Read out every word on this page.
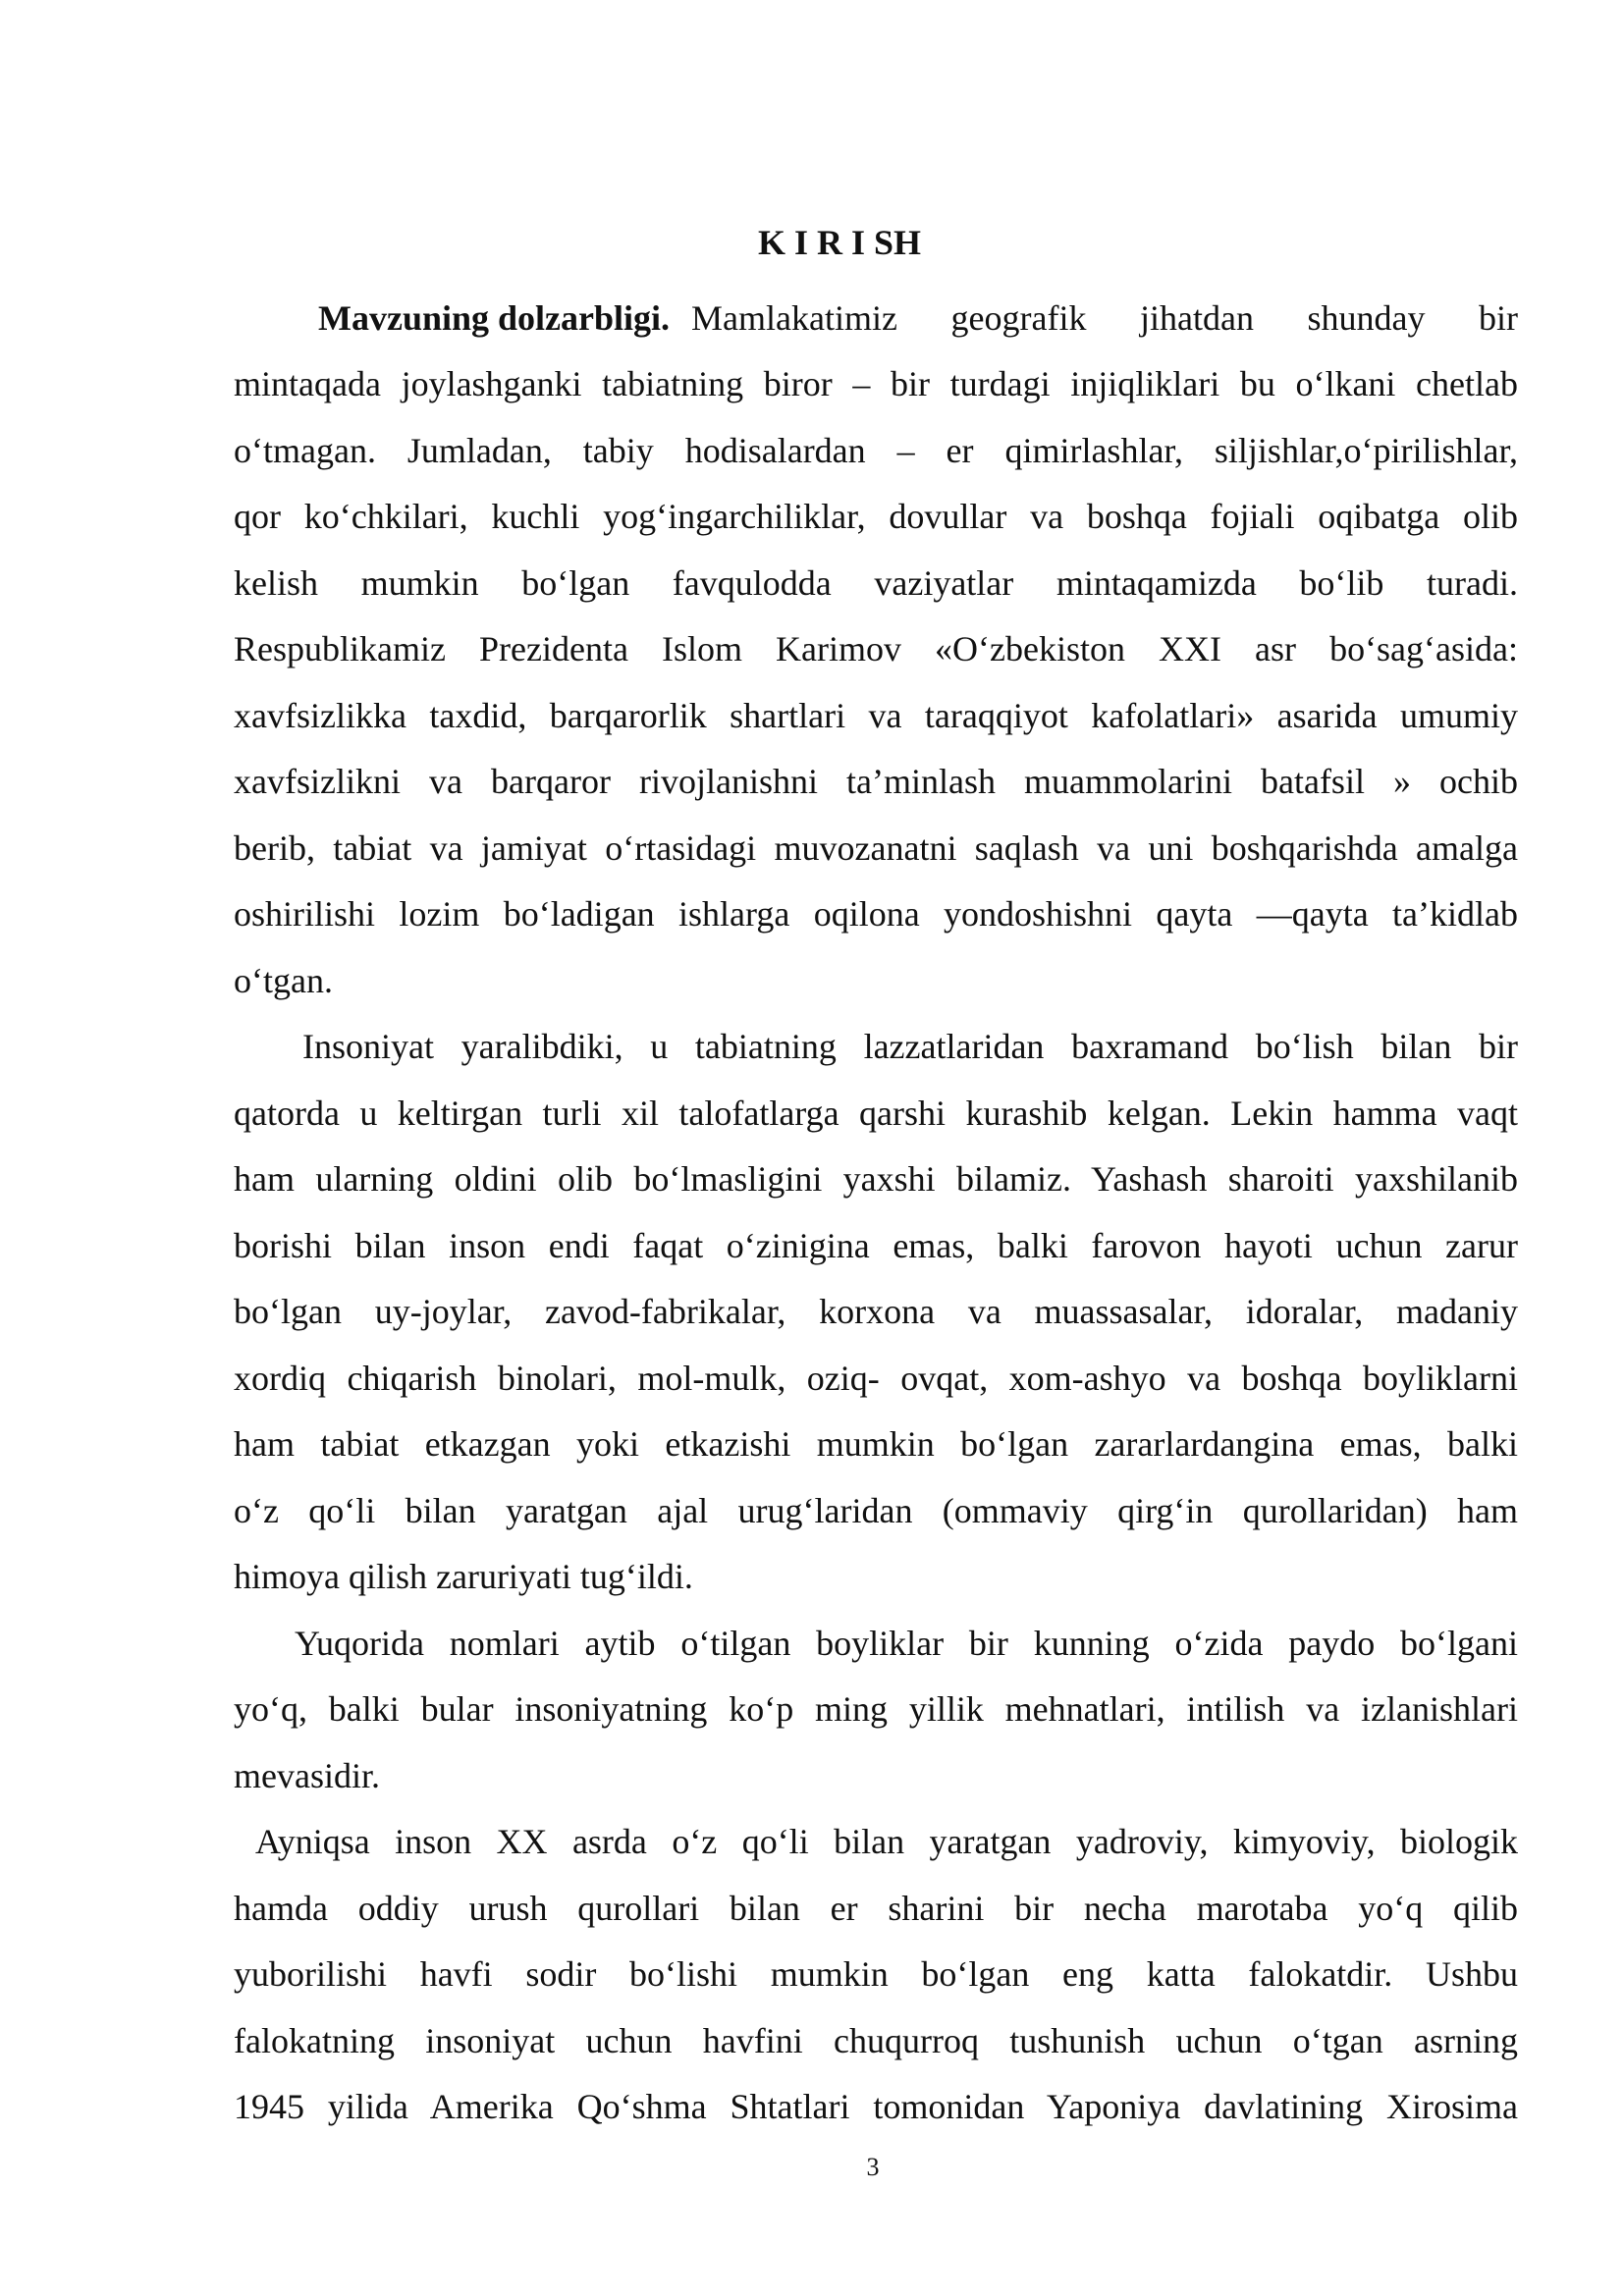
K I R I SH
Mavzuning dolzarbligi. Mamlakatimiz geografik jihatdan shunday bir
mintaqada joylashganki tabiatning biror – bir turdagi injiqliklari bu o‘lkani chetlab
o‘tmagan. Jumladan, tabiy hodisalardan – er qimirlashlar, siljishlar,o‘pirilishlar,
qor ko‘chkilari, kuchli yog‘ingarchiliklar, dovullar va boshqa fojiali oqibatga olib
kelish mumkin bo‘lgan favqulodda vaziyatlar mintaqamizda bo‘lib turadi.
Respublikamiz Prezidenta Islom Karimov «O‘zbekiston XXI asr bo‘sag‘asida:
xavfsizlikka taxdid, barqarorlik shartlari va taraqqiyot kafolatlari» asarida umumiy
xavfsizlikni va barqaror rivojlanishni ta’minlash muammolarini batafsil » ochib
berib, tabiat va jamiyat o‘rtasidagi muvozanatni saqlash va uni boshqarishda amalga
oshirilishi lozim bo‘ladigan ishlarga oqilona yondoshishni qayta —qayta ta’kidlab
o‘tgan.
Insoniyat yaralibdiki, u tabiatning lazzatlaridan baxramand bo‘lish bilan bir
qatorda u keltirgan turli xil talofatlarga qarshi kurashib kelgan. Lekin hamma vaqt
ham ularning oldini olib bo‘lmasligini yaxshi bilamiz. Yashash sharoiti yaxshilanib
borishi bilan inson endi faqat o‘zinigina emas, balki farovon hayoti uchun zarur
bo‘lgan uy-joylar, zavod-fabrikalar, korxona va muassasalar, idoralar, madaniy
xordiq chiqarish binolari, mol-mulk, oziq- ovqat, xom-ashyo va boshqa boyliklarni
ham tabiat etkazgan yoki etkazishi mumkin bo‘lgan zararlardangina emas, balki
o‘z qo‘li bilan yaratgan ajal urug‘laridan (ommaviy qirg‘in qurollaridan) ham
himoya qilish zaruriyati tug‘ildi.
Yuqorida nomlari aytib o‘tilgan boyliklar bir kunning o‘zida paydo bo‘lgani
yo‘q, balki bular insoniyatning ko‘p ming yillik mehnatlari, intilish va izlanishlari
mevasidir.
Ayniqsa inson XX asrda o‘z qo‘li bilan yaratgan yadroviy, kimyoviy, biologik
hamda oddiy urush qurollari bilan er sharini bir necha marotaba yo‘q qilib
yuborilishi havfi sodir bo‘lishi mumkin bo‘lgan eng katta falokatdir. Ushbu
falokatning insoniyat uchun havfini chuqurroq tushunish uchun o‘tgan asrning
1945 yilida Amerika Qo‘shma Shtatlari tomonidan Yaponiya davlatining Xirosima
3
